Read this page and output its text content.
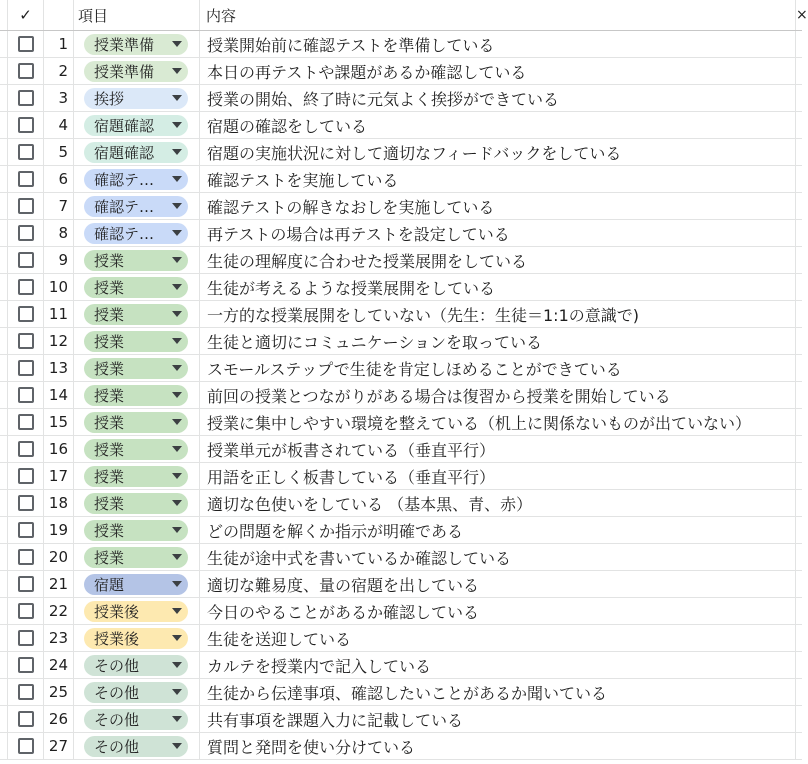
✓	項目	内容	×
1	授業準備	授業開始前に確認テストを準備している
2	授業準備	本日の再テストや課題があるか確認している
3	挨拶	授業の開始、終了時に元気よく挨拶ができている
4	宿題確認	宿題の確認をしている
5	宿題確認	宿題の実施状況に対して適切なフィードバックをしている
6	確認テ…	確認テストを実施している
7	確認テ…	確認テストの解きなおしを実施している
8	確認テ…	再テストの場合は再テストを設定している
9	授業	生徒の理解度に合わせた授業展開をしている
10	授業	生徒が考えるような授業展開をしている
11	授業	一方的な授業展開をしていない（先生：生徒＝1:1の意識で)
12	授業	生徒と適切にコミュニケーションを取っている
13	授業	スモールステップで生徒を肯定しほめることができている
14	授業	前回の授業とつながりがある場合は復習から授業を開始している
15	授業	授業に集中しやすい環境を整えている（机上に関係ないものが出ていない）
16	授業	授業単元が板書されている（垂直平行）
17	授業	用語を正しく板書している（垂直平行）
18	授業	適切な色使いをしている （基本黒、青、赤）
19	授業	どの問題を解くか指示が明確である
20	授業	生徒が途中式を書いているか確認している
21	宿題	適切な難易度、量の宿題を出している
22	授業後	今日のやることがあるか確認している
23	授業後	生徒を送迎している
24	その他	カルテを授業内で記入している
25	その他	生徒から伝達事項、確認したいことがあるか聞いている
26	その他	共有事項を課題入力に記載している
27	その他	質問と発問を使い分けている
